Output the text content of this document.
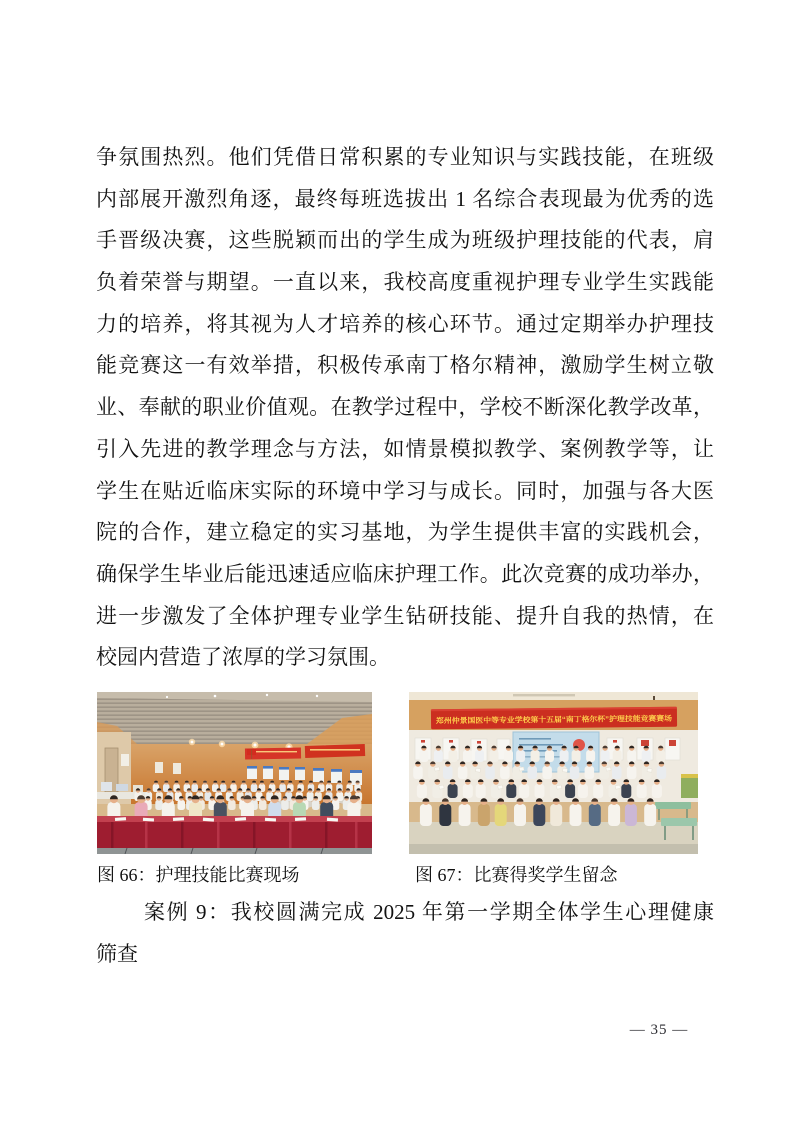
争氛围热烈。他们凭借日常积累的专业知识与实践技能，在班级
内部展开激烈角逐，最终每班选拔出 1 名综合表现最为优秀的选
手晋级决赛，这些脱颖而出的学生成为班级护理技能的代表，肩
负着荣誉与期望。一直以来，我校高度重视护理专业学生实践能
力的培养，将其视为人才培养的核心环节。通过定期举办护理技
能竞赛这一有效举措，积极传承南丁格尔精神，激励学生树立敬
业、奉献的职业价值观。在教学过程中，学校不断深化教学改革，
引入先进的教学理念与方法，如情景模拟教学、案例教学等，让
学生在贴近临床实际的环境中学习与成长。同时，加强与各大医
院的合作，建立稳定的实习基地，为学生提供丰富的实践机会，
确保学生毕业后能迅速适应临床护理工作。此次竞赛的成功举办，
进一步激发了全体护理专业学生钻研技能、提升自我的热情，在
校园内营造了浓厚的学习氛围。
郑州仲景国医中等专业学校第十五届“南丁格尔杯”护理技能竞赛赛场
图 66：护理技能比赛现场	图 67：比赛得奖学生留念
案例 9：我校圆满完成 2025 年第一学期全体学生心理健康
筛查
— 35 —
